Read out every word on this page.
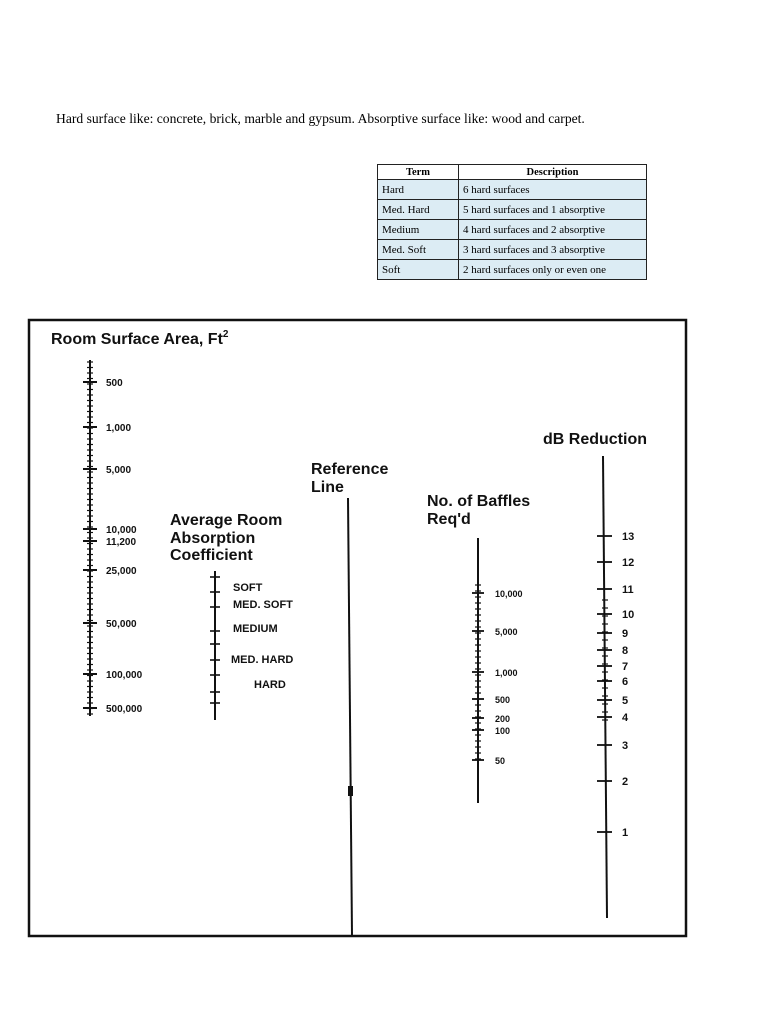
Hard surface like: concrete, brick, marble and gypsum. Absorptive surface like: wood and carpet.

Term	Description
Hard	6 hard surfaces
Med. Hard	5 hard surfaces and 1 absorptive
Medium	4 hard surfaces and 2 absorptive
Med. Soft	3 hard surfaces and 3 absorptive
Soft	2 hard surfaces only or even one
Room Surface Area, Ft$^2$
500
1,000
5,000
10,000
11,200
25,000
50,000
100,000
500,000
Average Room Absorption Coefficient
SOFT
MED. SOFT
MEDIUM
MED. HARD
HARD
Reference Line
No. of Baffles Req'd
10,000
5,000
1,000
500
200
100
50
dB Reduction
13
12
11
10
9
8
7
6
5
4
3
2
1
